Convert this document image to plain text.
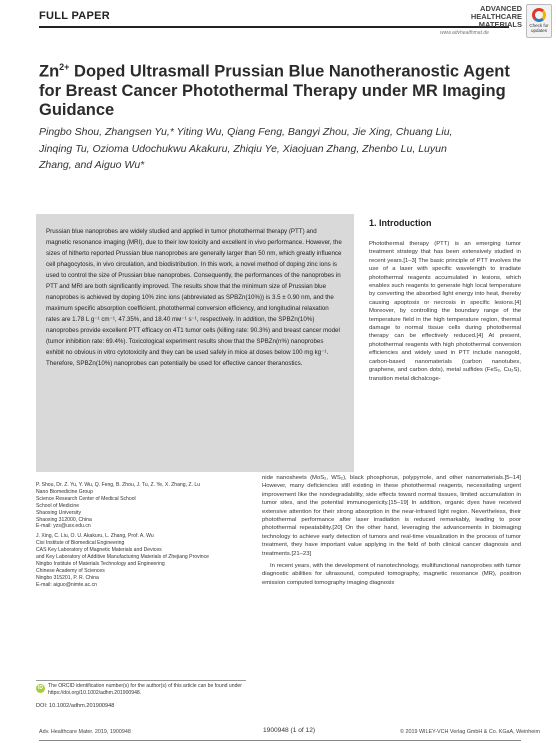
FULL PAPER
ADVANCED
HEALTHCARE
MATERIALS
www.advhealthmat.de
Check for updates
$Zn^{2+}$ Doped Ultrasmall Prussian Blue Nanotheranostic Agent for Breast Cancer Photothermal Therapy under MR Imaging Guidance
Pingbo Shou, Zhangsen Yu,* Yiting Wu, Qiang Feng, Bangyi Zhou, Jie Xing, Chuang Liu, Jinqing Tu, Ozioma Udochukwu Akakuru, Zhiqiu Ye, Xiaojuan Zhang, Zhenbo Lu, Luyun Zhang, and Aiguo Wu*

Prussian blue nanoprobes are widely studied and applied in tumor photothermal therapy (PTT) and magnetic resonance imaging (MRI), due to their low toxicity and excellent in vivo performance. However, the sizes of hitherto reported Prussian blue nanoprobes are generally larger than 50 nm, which greatly influence cell phagocytosis, in vivo circulation, and biodistribution. In this work, a novel method of doping zinc ions is used to control the size of Prussian blue nanoprobes. Consequently, the performances of the nanoprobes in PTT and MRI are both significantly improved. The results show that the minimum size of Prussian blue nanoprobes is achieved by doping 10% zinc ions (abbreviated as SPBZn(10%)) is 3.5 ± 0.90 nm, and the maximum specific absorption coefficient, photothermal conversion efficiency, and longitudinal relaxation rates are 1.78 L g⁻¹ cm⁻¹, 47.35%, and 18.40 mм⁻¹ s⁻¹, respectively. In addition, the SPBZn(10%) nanoprobes provide excellent PTT efficacy on 4T1 tumor cells (killing rate: 90.3%) and breast cancer model (tumor inhibition rate: 69.4%). Toxicological experiment results show that the SPBZn(n%) nanoprobes exhibit no obvious in vitro cytotoxicity and they can be used safely in mice at doses below 100 mg kg⁻¹. Therefore, SPBZn(10%) nanoprobes can potentially be used for effective cancer theranostics.

1. Introduction
Photothermal therapy (PTT) is an emerging tumor treatment strategy that has been extensively studied in recent years.[1–3] The basic principle of PTT involves the use of a laser with specific wavelength to irradiate photothermal reagents accumulated in lesions, which enables such reagents to generate high local temperature by converting the absorbed light energy into heat, thereby causing apoptosis or necrosis in specific lesions.[4] Moreover, by controlling the boundary range of the temperature field in the high temperature region, thermal damage to normal tissue cells during photothermal therapy can be effectively reduced.[4] At present, photothermal reagents with high photothermal conversion efficiencies and widely used in PTT include nanogold, carbon-based nanomaterials (carbon nanotubes, graphene, and carbon dots), metal sulfides (FeS₂, Cu₂S), transition metal dichalcoge-

nide nanosheets (MoS₂, WS₂), black phosphorus, polypyrrole, and other nanomaterials.[5–14] However, many deficiencies still existing in these photothermal reagents, necessitating urgent improvement like the nondegradability, side effects toward normal tissues, limited accumulation in tumor sites, and the potential immunogenicity.[15–19] In addition, organic dyes have received extensive attention for their strong absorption in the near-infrared light region. Nevertheless, their photothermal performance after laser irradiation is reduced remarkably, leading to poor photothermal repeatability.[20] On the other hand, leveraging the advancements in bioimaging technology to achieve early detection of tumors and real-time visualization in the process of tumor treatment, they have important value applying in the field of both clinical cancer diagnosis and treatments.[21–23]

In recent years, with the development of nanotechnology, multifunctional nanoprobes with tumor diagnostic abilities for ultrasound, computed tomography, magnetic resonance (MR), positron emission computed tomography imaging diagnosis

P. Shou, Dr. Z. Yu, Y. Wu, Q. Feng, B. Zhou, J. Tu, Z. Ye, X. Zhang, Z. Lu
Nano Biomedicine Group
Science Research Center of Medical School
School of Medicine
Shaoxing University
Shaoxing 312000, China
E-mail: yzs@usx.edu.cn

J. Xing, C. Liu, O. U. Akakuru, L. Zhang, Prof. A. Wu
Cixi Institute of Biomedical Engineering
CAS Key Laboratory of Magnetic Materials and Devices
and Key Laboratory of Additive Manufacturing Materials of Zhejiang Province
Ningbo Institute of Materials Technology and Engineering
Chinese Academy of Sciences
Ningbo 315201, P. R. China
E-mail: aiguo@nimte.ac.cn

iD The ORCID identification number(s) for the author(s) of this article can be found under https://doi.org/10.1002/adhm.201900948.
DOI: 10.1002/adhm.201900948
Adv. Healthcare Mater. 2019, 1900948	1900948 (1 of 12)	© 2019 WILEY-VCH Verlag GmbH & Co. KGaA, Weinheim
